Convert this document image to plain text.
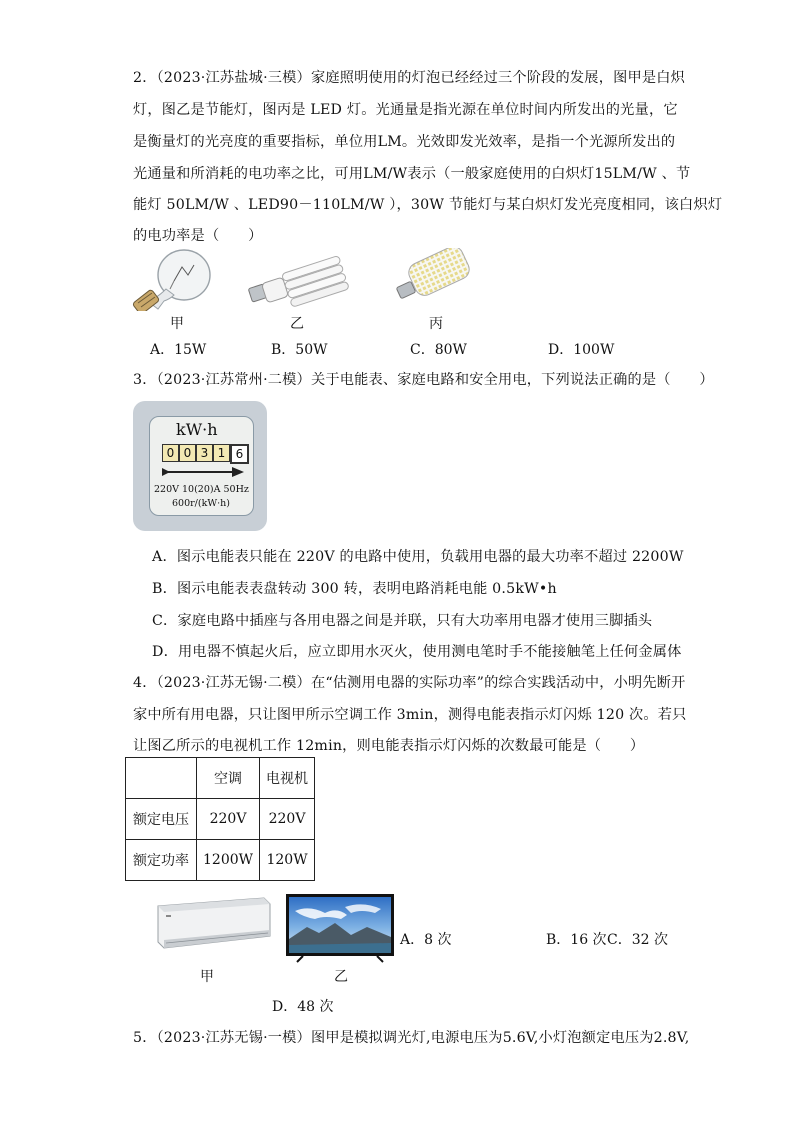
2．（2023·江苏盐城·三模）家庭照明使用的灯泡已经经过三个阶段的发展，图甲是白炽
灯，图乙是节能灯，图丙是 LED 灯。光通量是指光源在单位时间内所发出的光量，它
是衡量灯的光亮度的重要指标，单位用LM。光效即发光效率，是指一个光源所发出的
光通量和所消耗的电功率之比，可用LM/W表示（一般家庭使用的白炽灯15LM/W 、节
能灯 50LM/W 、LED90－110LM/W ），30W 节能灯与某白炽灯发光亮度相同，该白炽灯
的电功率是（　　）
甲	乙	丙
A．15W	B．50W	C．80W	D．100W
3．（2023·江苏常州·二模）关于电能表、家庭电路和安全用电，下列说法正确的是（　　）
kW·h
0 0 3 1 6
220V 10(20)A 50Hz
600r/(kW·h)
A．图示电能表只能在 220V 的电路中使用，负载用电器的最大功率不超过 2200W
B．图示电能表表盘转动 300 转，表明电路消耗电能 0.5kW•h
C．家庭电路中插座与各用电器之间是并联，只有大功率用电器才使用三脚插头
D．用电器不慎起火后，应立即用水灭火，使用测电笔时手不能接触笔上任何金属体
4．（2023·江苏无锡·二模）在“估测用电器的实际功率”的综合实践活动中，小明先断开
家中所有用电器，只让图甲所示空调工作 3min，测得电能表指示灯闪烁 120 次。若只
让图乙所示的电视机工作 12min，则电能表指示灯闪烁的次数最可能是（　　）
	空调	电视机
额定电压	220V	220V
额定功率	1200W	120W
甲	乙
A．8 次	B．16 次 C．32 次
D．48 次
5．（2023·江苏无锡·一模）图甲是模拟调光灯,电源电压为5.6V,小灯泡额定电压为2.8V,
